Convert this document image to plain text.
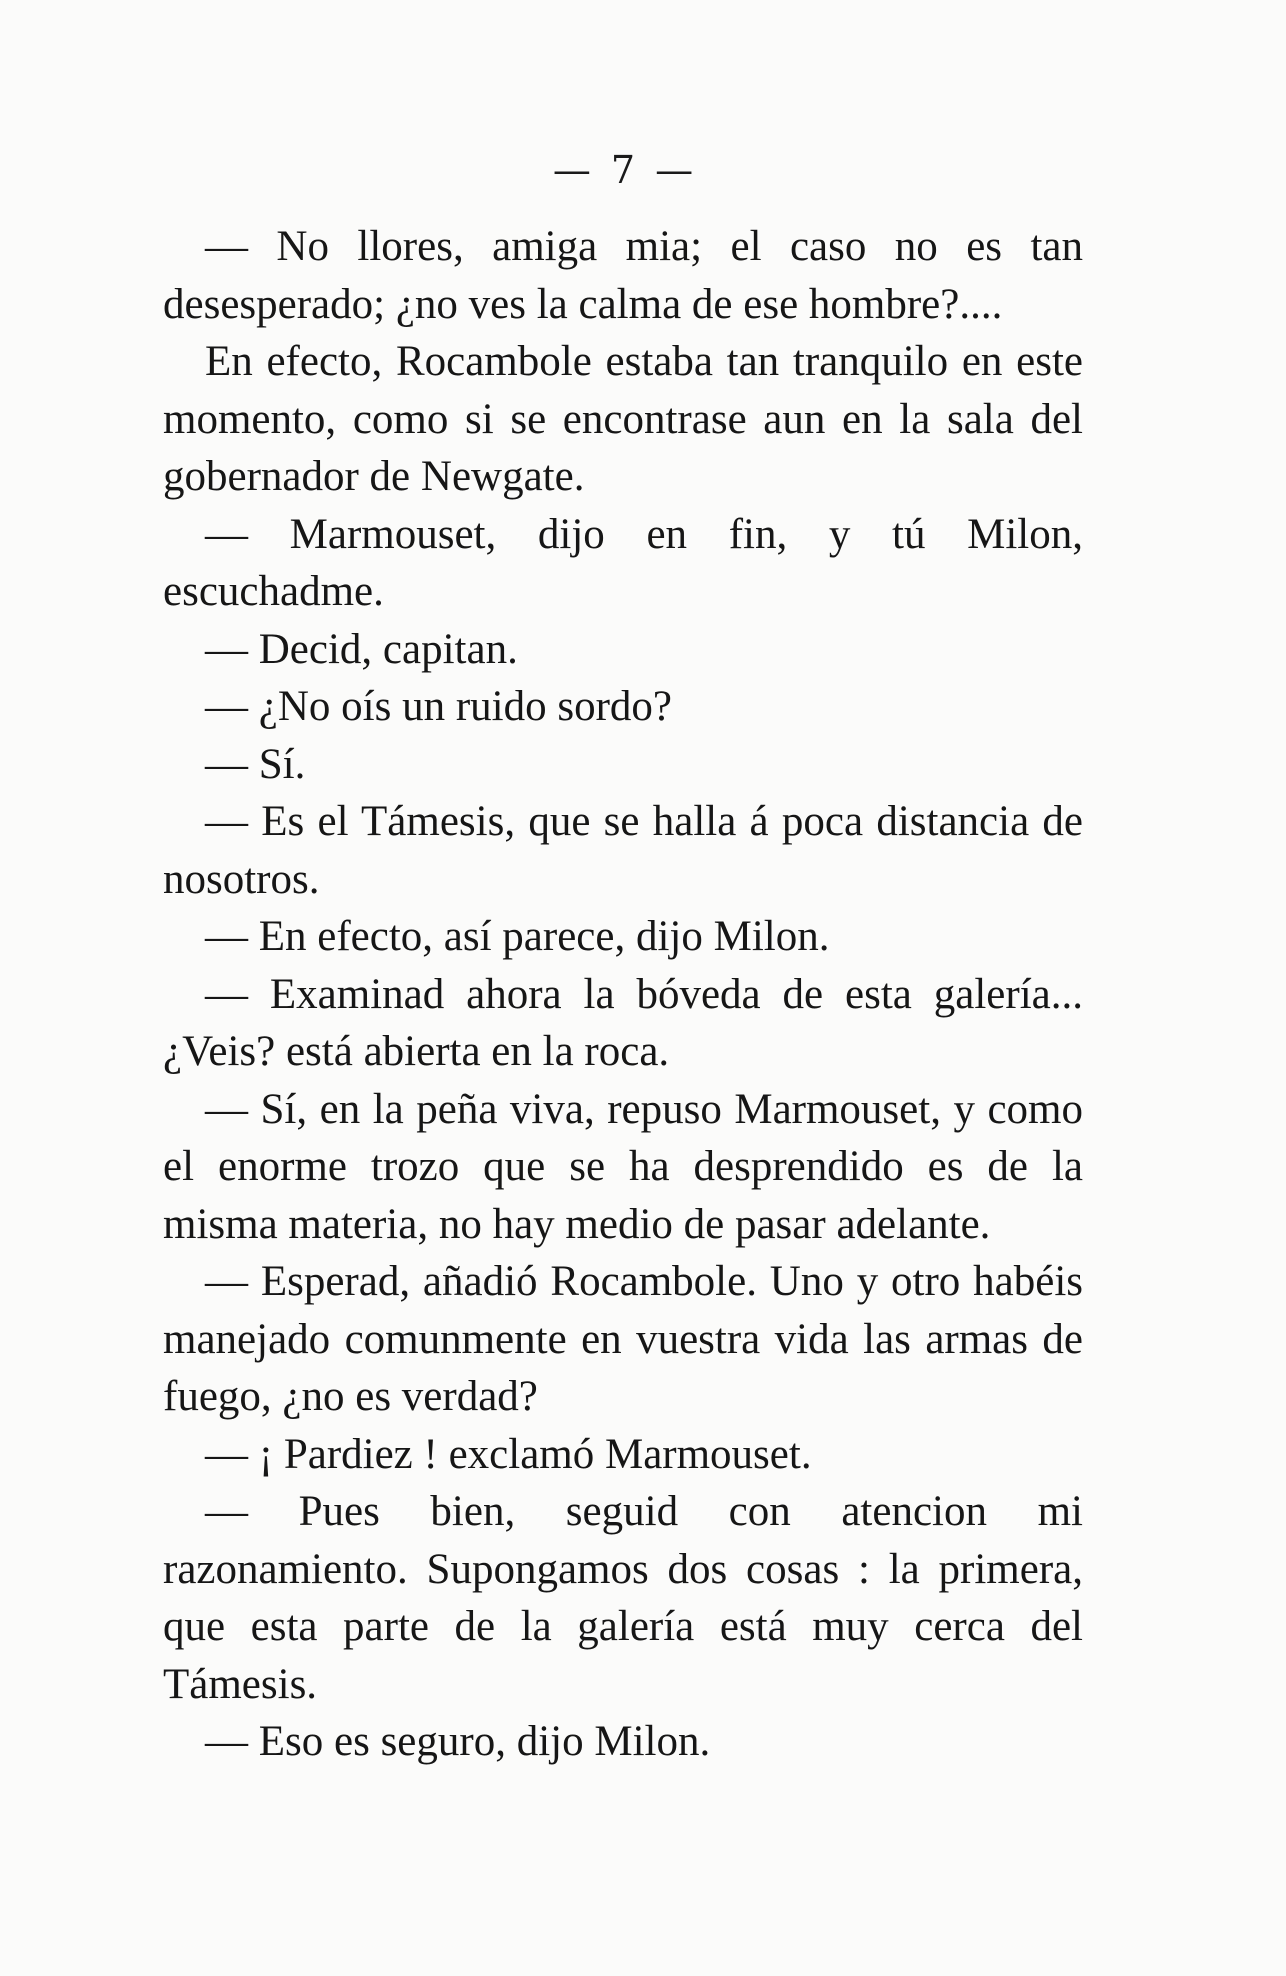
— 7 —

— No llores, amiga mia; el caso no es tan desesperado; ¿no ves la calma de ese hombre?....

En efecto, Rocambole estaba tan tranquilo en este momento, como si se encontrase aun en la sala del gobernador de Newgate.

— Marmouset, dijo en fin, y tú Milon, escuchadme.

— Decid, capitan.

— ¿No oís un ruido sordo?

— Sí.

— Es el Támesis, que se halla á poca distancia de nosotros.

— En efecto, así parece, dijo Milon.

— Examinad ahora la bóveda de esta galería... ¿Veis? está abierta en la roca.

— Sí, en la peña viva, repuso Marmouset, y como el enorme trozo que se ha desprendido es de la misma materia, no hay medio de pasar adelante.

— Esperad, añadió Rocambole. Uno y otro habéis manejado comunmente en vuestra vida las armas de fuego, ¿no es verdad?

— ¡ Pardiez ! exclamó Marmouset.

— Pues bien, seguid con atencion mi razonamiento. Supongamos dos cosas : la primera, que esta parte de la galería está muy cerca del Támesis.

— Eso es seguro, dijo Milon.
